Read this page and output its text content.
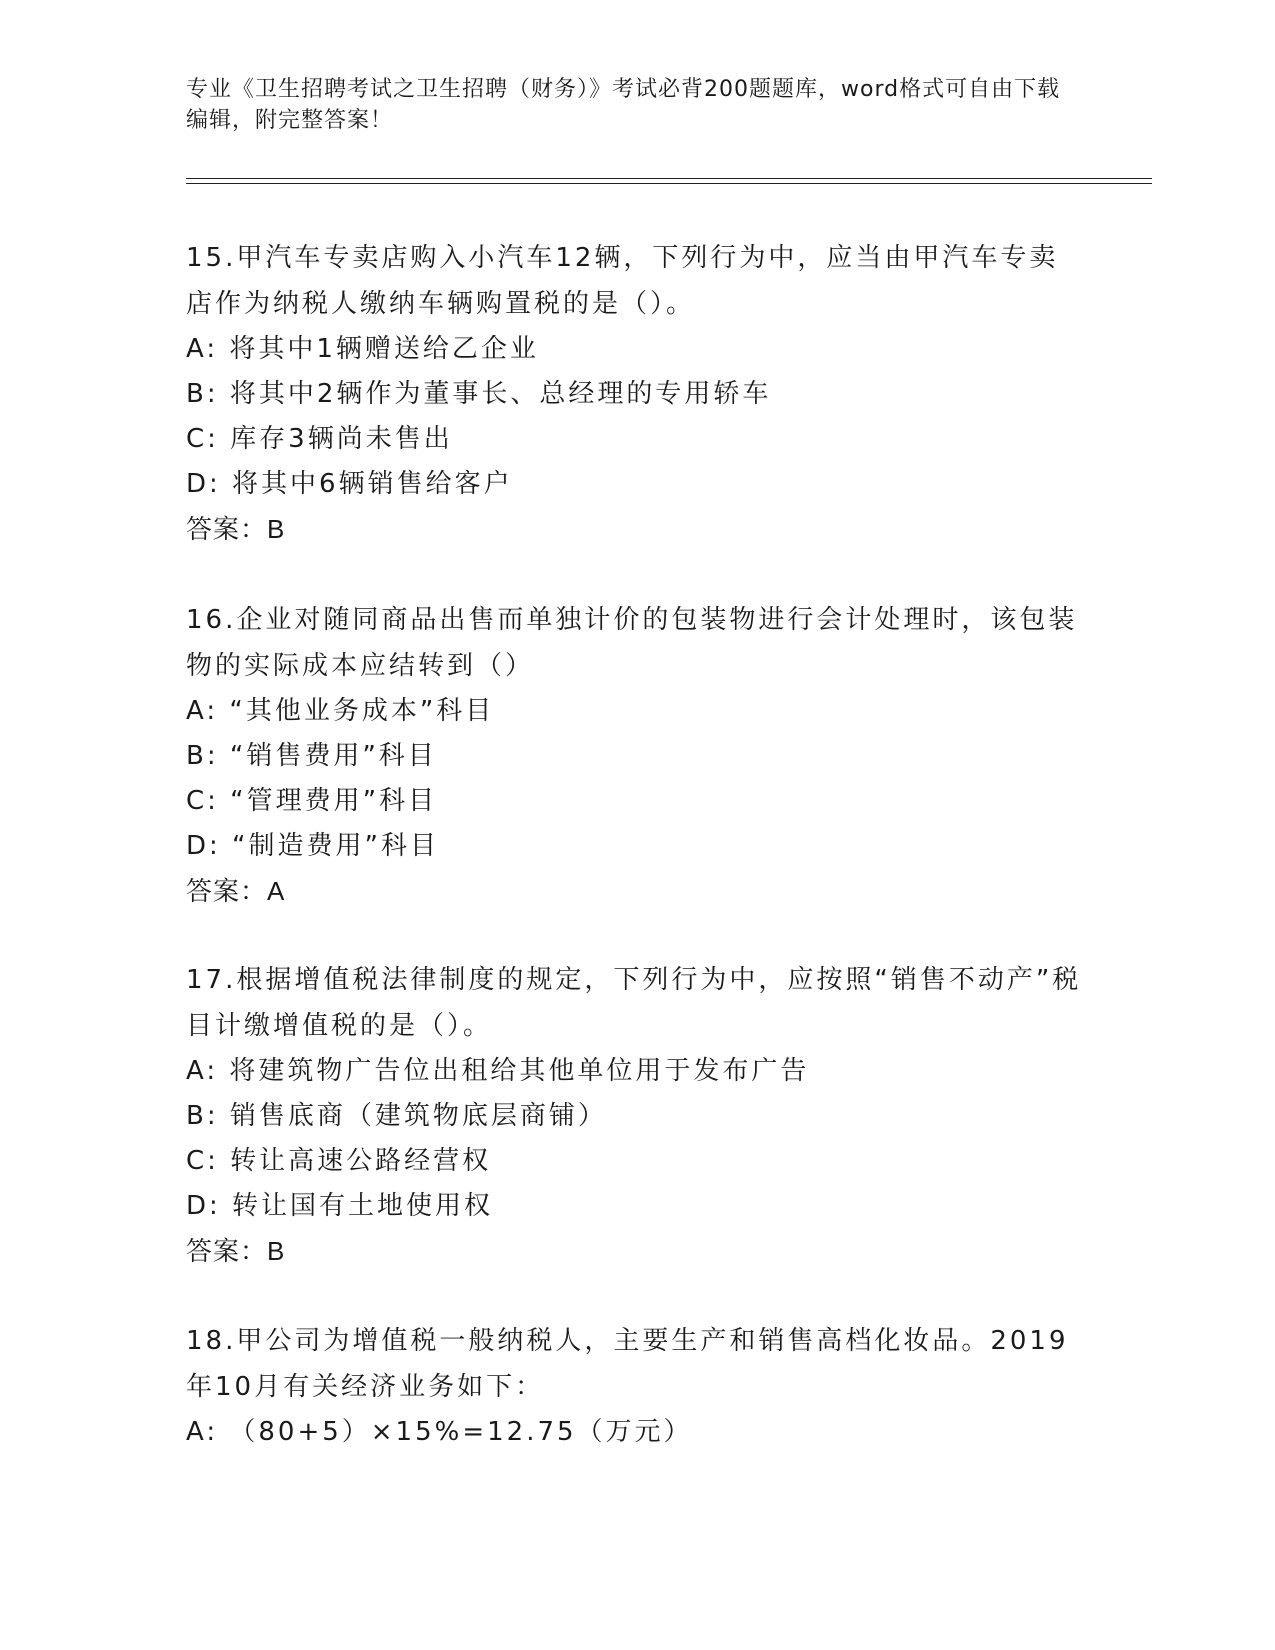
专业《卫生招聘考试之卫生招聘（财务）》考试必背200题题库，word格式可自由下载编辑，附完整答案！
15.甲汽车专卖店购入小汽车12辆，下列行为中，应当由甲汽车专卖店作为纳税人缴纳车辆购置税的是（）。
A: 将其中1辆赠送给乙企业
B: 将其中2辆作为董事长、总经理的专用轿车
C: 库存3辆尚未售出
D: 将其中6辆销售给客户
答案：B
16.企业对随同商品出售而单独计价的包装物进行会计处理时，该包装物的实际成本应结转到（）
A: “其他业务成本”科目
B: “销售费用”科目
C: “管理费用”科目
D: “制造费用”科目
答案：A
17.根据增值税法律制度的规定，下列行为中，应按照“销售不动产”税目计缴增值税的是（）。
A: 将建筑物广告位出租给其他单位用于发布广告
B: 销售底商（建筑物底层商铺）
C: 转让高速公路经营权
D: 转让国有土地使用权
答案：B
18.甲公司为增值税一般纳税人，主要生产和销售高档化妆品。2019年10月有关经济业务如下：
A: （80+5）×15%=12.75（万元）
